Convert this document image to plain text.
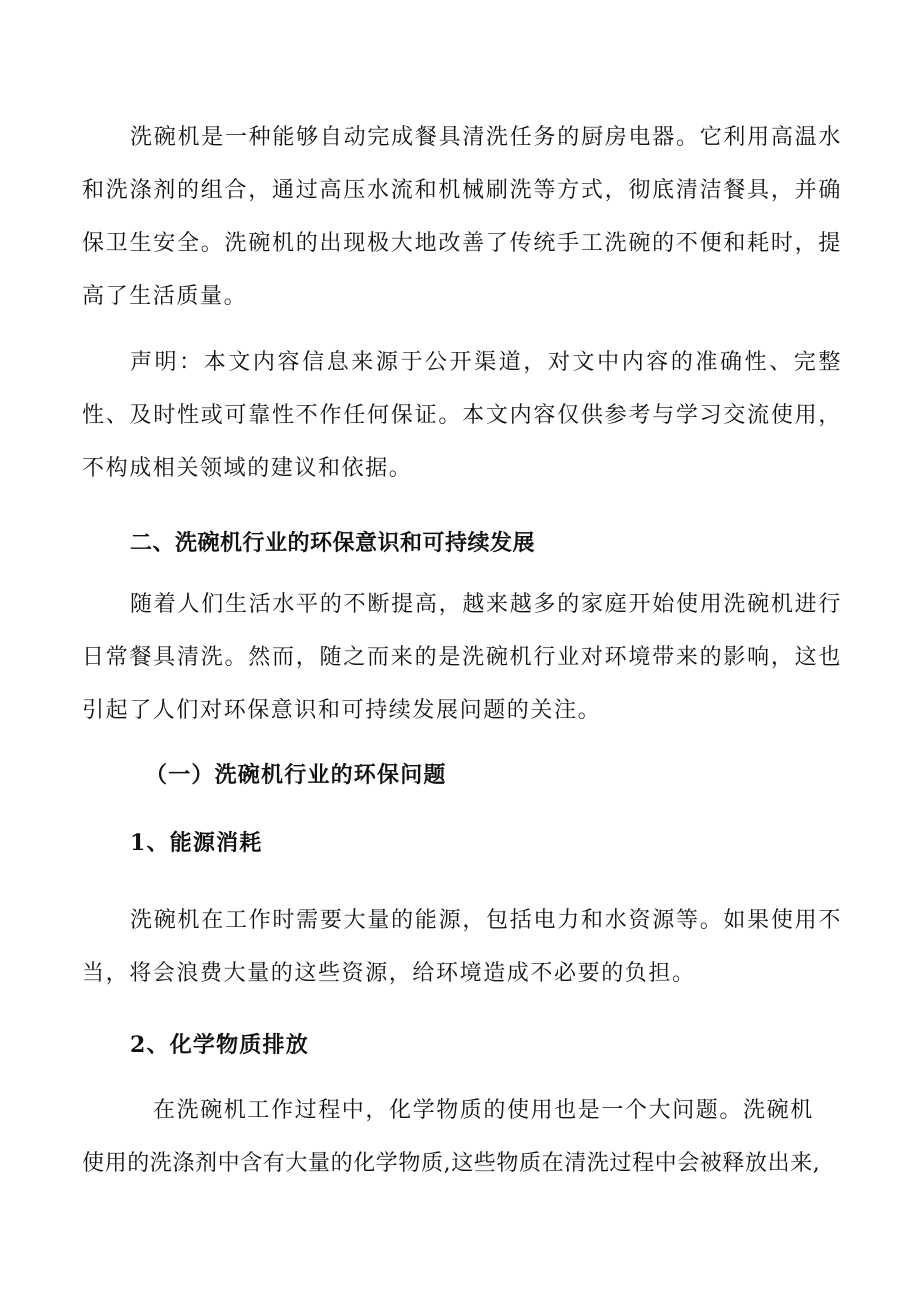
洗碗机是一种能够自动完成餐具清洗任务的厨房电器。它利用高温水和洗涤剂的组合，通过高压水流和机械刷洗等方式，彻底清洁餐具，并确保卫生安全。洗碗机的出现极大地改善了传统手工洗碗的不便和耗时，提高了生活质量。

声明：本文内容信息来源于公开渠道，对文中内容的准确性、完整性、及时性或可靠性不作任何保证。本文内容仅供参考与学习交流使用，不构成相关领域的建议和依据。

二、洗碗机行业的环保意识和可持续发展

随着人们生活水平的不断提高，越来越多的家庭开始使用洗碗机进行日常餐具清洗。然而，随之而来的是洗碗机行业对环境带来的影响，这也引起了人们对环保意识和可持续发展问题的关注。

（一）洗碗机行业的环保问题
1、能源消耗

洗碗机在工作时需要大量的能源，包括电力和水资源等。如果使用不当，将会浪费大量的这些资源，给环境造成不必要的负担。

2、化学物质排放

在洗碗机工作过程中，化学物质的使用也是一个大问题。洗碗机

使用的洗涤剂中含有大量的化学物质,这些物质在清洗过程中会被释放出来,
